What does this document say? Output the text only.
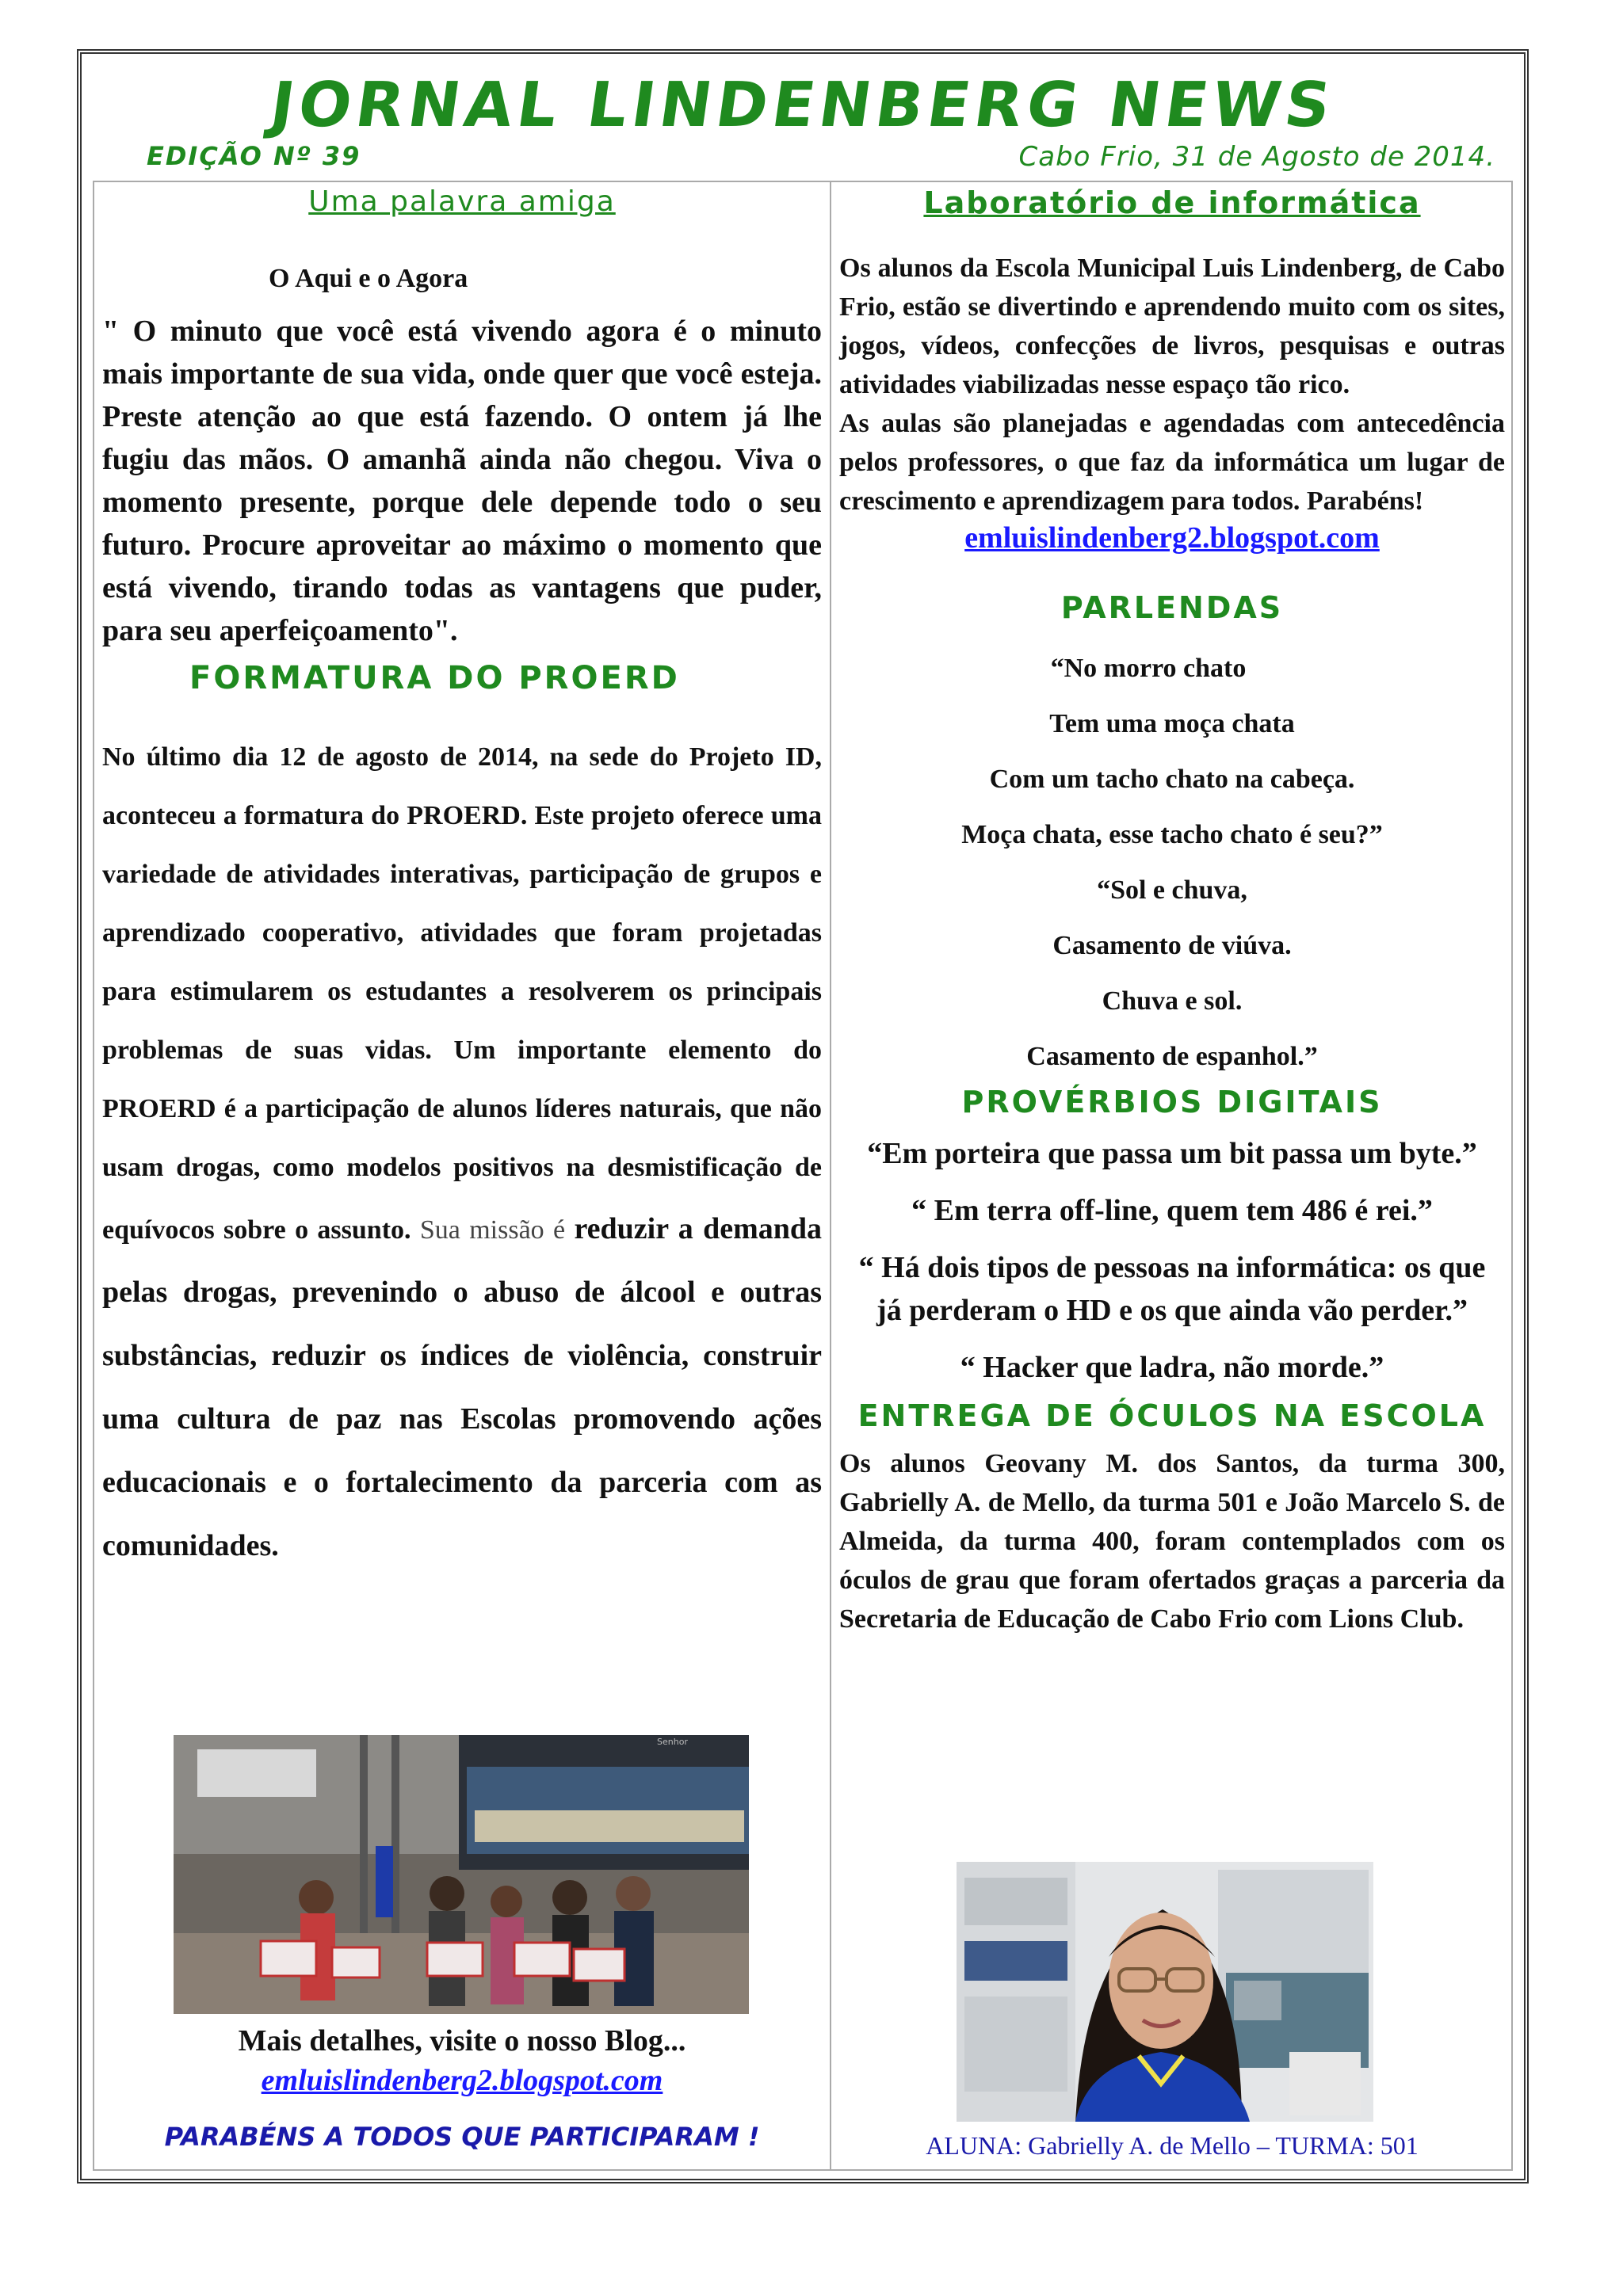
JORNAL LINDENBERG NEWS
EDIÇÃO Nº 39	Cabo Frio, 31 de Agosto de 2014.
Uma palavra amiga

O Aqui e o Agora

" O minuto que você está vivendo agora é o minuto mais importante de sua vida, onde quer que você esteja. Preste atenção ao que está fazendo. O ontem já lhe fugiu das mãos. O amanhã ainda não chegou. Viva o momento presente, porque dele depende todo o seu futuro. Procure aproveitar ao máximo o momento que está vivendo, tirando todas as vantagens que puder, para seu aperfeiçoamento".

FORMATURA DO PROERD

No último dia 12 de agosto de 2014, na sede do Projeto ID, aconteceu a formatura do PROERD. Este projeto oferece uma variedade de atividades interativas, participação de grupos e aprendizado cooperativo, atividades que foram projetadas para estimularem os estudantes a resolverem os principais problemas de suas vidas. Um importante elemento do PROERD é a participação de alunos líderes naturais, que não usam drogas, como modelos positivos na desmistificação de equívocos sobre o assunto. Sua missão é reduzir a demanda pelas drogas, prevenindo o abuso de álcool e outras substâncias, reduzir os índices de violência, construir uma cultura de paz nas Escolas promovendo ações educacionais e o fortalecimento da parceria com as comunidades.

Senhor

Mais detalhes, visite o nosso Blog...

emluislindenberg2.blogspot.com

PARABÉNS A TODOS QUE PARTICIPARAM !

Laboratório de informática

Os alunos da Escola Municipal Luis Lindenberg, de Cabo Frio, estão se divertindo e aprendendo muito com os sites, jogos, vídeos, confecções de livros, pesquisas e outras atividades viabilizadas nesse espaço tão rico.

As aulas são planejadas e agendadas com antecedência pelos professores, o que faz da informática um lugar de crescimento e aprendizagem para todos. Parabéns!

emluislindenberg2.blogspot.com
PARLENDAS

“No morro chato

Tem uma moça chata

Com um tacho chato na cabeça.

Moça chata, esse tacho chato é seu?”

“Sol e chuva,

Casamento de viúva.

Chuva e sol.

Casamento de espanhol.”

PROVÉRBIOS DIGITAIS

“Em porteira que passa um bit passa um byte.”

“ Em terra off-line, quem tem 486 é rei.”

“ Há dois tipos de pessoas na informática: os que já perderam o HD e os que ainda vão perder.”

“ Hacker que ladra, não morde.”

ENTREGA DE ÓCULOS NA ESCOLA

Os alunos Geovany M. dos Santos, da turma 300, Gabrielly A. de Mello, da turma 501 e João Marcelo S. de Almeida, da turma 400, foram contemplados com os óculos de grau que foram ofertados graças a parceria da Secretaria de Educação de Cabo Frio com Lions Club.

ALUNA: Gabrielly A. de Mello – TURMA: 501
